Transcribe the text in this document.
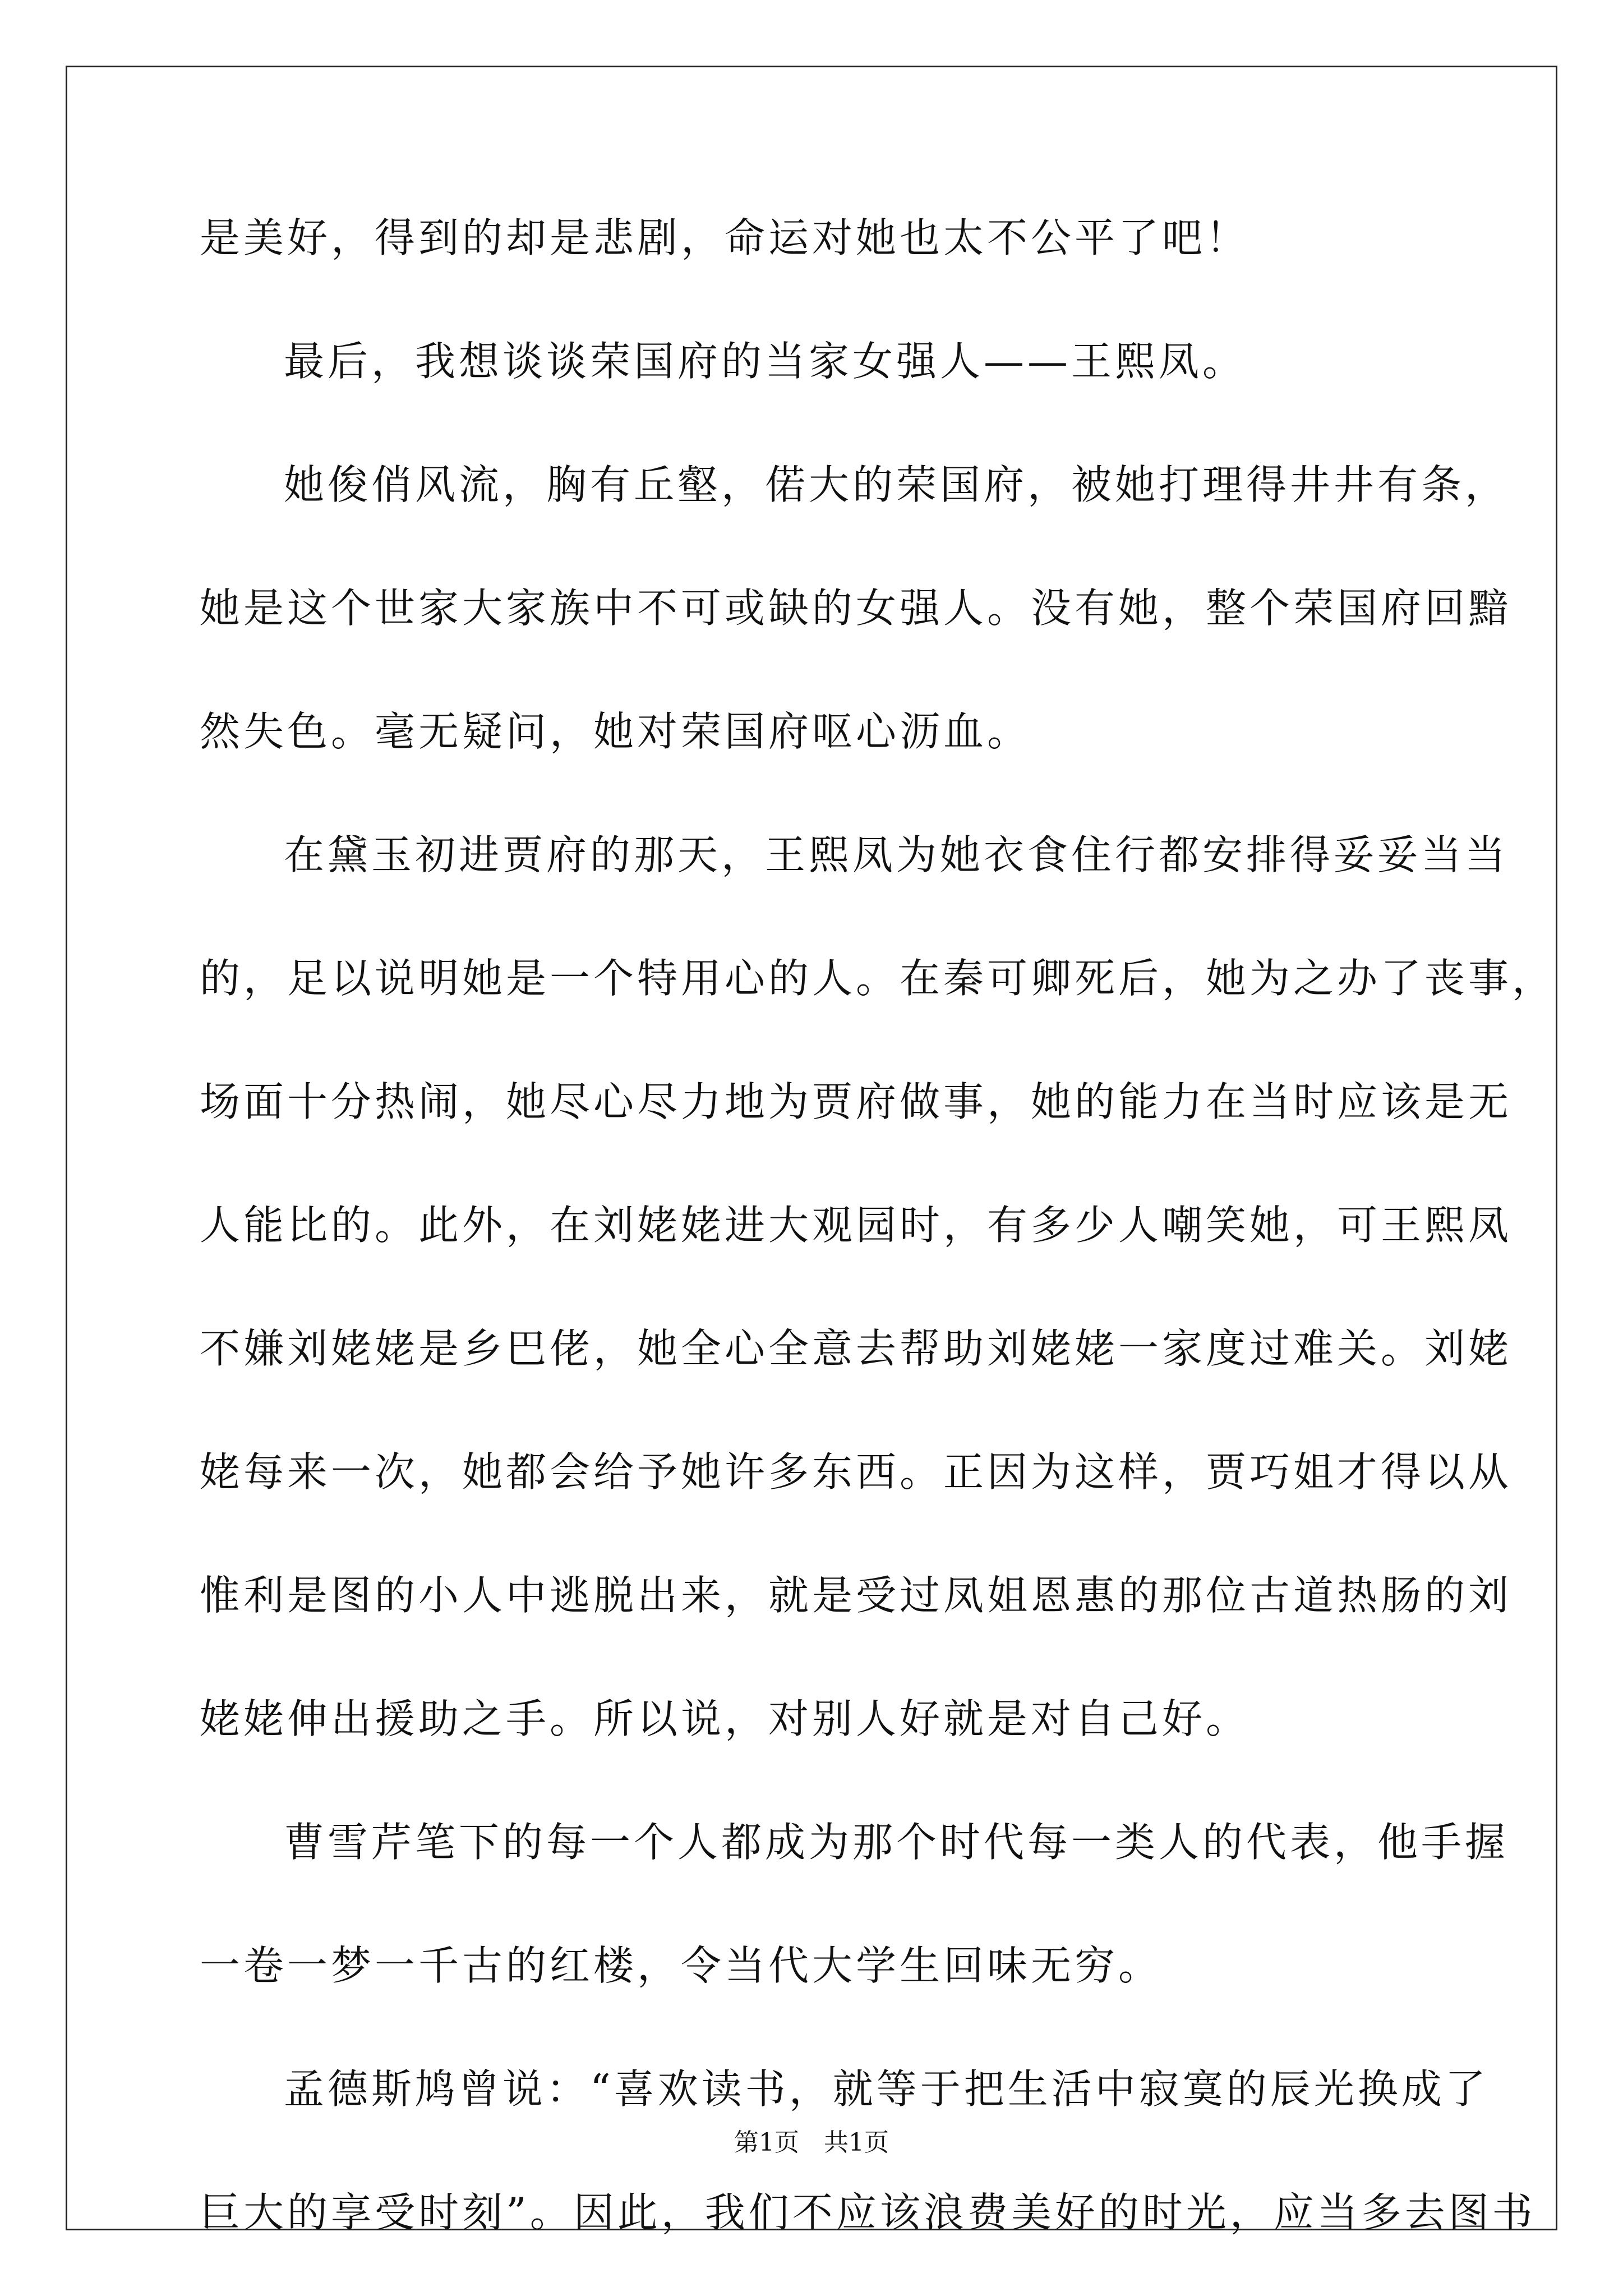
是美好，得到的却是悲剧，命运对她也太不公平了吧！
最后，我想谈谈荣国府的当家女强人——王熙凤。
她俊俏风流，胸有丘壑，偌大的荣国府，被她打理得井井有条，
她是这个世家大家族中不可或缺的女强人。没有她，整个荣国府回黯
然失色。毫无疑问，她对荣国府呕心沥血。
在黛玉初进贾府的那天，王熙凤为她衣食住行都安排得妥妥当当
的，足以说明她是一个特用心的人。在秦可卿死后，她为之办了丧事，
场面十分热闹，她尽心尽力地为贾府做事，她的能力在当时应该是无
人能比的。此外，在刘姥姥进大观园时，有多少人嘲笑她，可王熙凤
不嫌刘姥姥是乡巴佬，她全心全意去帮助刘姥姥一家度过难关。刘姥
姥每来一次，她都会给予她许多东西。正因为这样，贾巧姐才得以从
惟利是图的小人中逃脱出来，就是受过凤姐恩惠的那位古道热肠的刘
姥姥伸出援助之手。所以说，对别人好就是对自己好。
曹雪芹笔下的每一个人都成为那个时代每一类人的代表，他手握
一卷一梦一千古的红楼，令当代大学生回味无穷。
孟德斯鸠曾说：“喜欢读书，就等于把生活中寂寞的辰光换成了
巨大的享受时刻”。因此，我们不应该浪费美好的时光，应当多去图书
第1页　共1页
